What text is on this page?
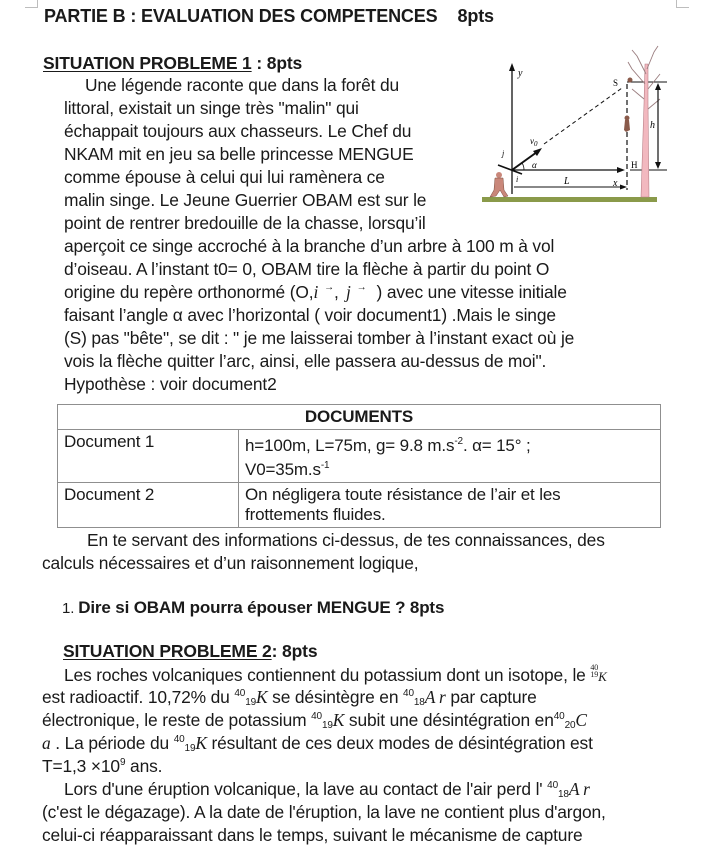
PARTIE B : EVALUATION DES COMPETENCES 8pts
SITUATION PROBLEME 1 : 8pts
Une légende raconte que dans la forêt du
littoral, existait un singe très "malin" qui
échappait toujours aux chasseurs. Le Chef du
NKAM mit en jeu sa belle princesse MENGUE
comme épouse à celui qui lui ramènera ce
malin singe. Le Jeune Guerrier OBAM est sur le
point de rentrer bredouille de la chasse, lorsqu’il
aperçoit ce singe accroché à la branche d’un arbre à 100 m à vol
d’oiseau. A l’instant t0= 0, OBAM tire la flèche à partir du point O
origine du repère orthonormé (O,i →, j → ) avec une vitesse initiale
faisant l’angle α avec l’horizontal ( voir document1) .Mais le singe
(S) pas "bête", se dit : " je me laisserai tomber à l’instant exact où je
vois la flèche quitter l’arc, ainsi, elle passera au-dessus de moi".
Hypothèse : voir document2
y
x
L
$v_0$
α
j
i
S
H
h
DOCUMENTS	
Document 1	h=100m, L=75m, g= 9.8 $m.s^{-2}$. α= 15° ;
$V0=35m.s^{-1}$
Document 2	On négligera toute résistance de l’air et les
frottements fluides.
En te servant des informations ci-dessus, de tes connaissances, des
calculs nécessaires et d’un raisonnement logique,
1. Dire si OBAM pourra épouser MENGUE ? 8pts
SITUATION PROBLEME 2: 8pts
Les roches volcaniques contiennent du potassium dont un isotope, le 40
19K
est radioactif. 10,72% du $^{40}_{19}$K se désintègre en $^{40}_{18}$A r par capture
électronique, le reste de potassium $^{40}_{19}$K subit une désintégration $en^{40}_{20}C$
a . La période du $^{40}_{19}$K résultant de ces deux modes de désintégration est
$T=1,3 \times 10^9$ ans.
Lors d'une éruption volcanique, la lave au contact de l'air perd l' $^{40}_{18}$A r
(c'est le dégazage). A la date de l'éruption, la lave ne contient plus d'argon,
celui-ci réapparaissant dans le temps, suivant le mécanisme de capture
